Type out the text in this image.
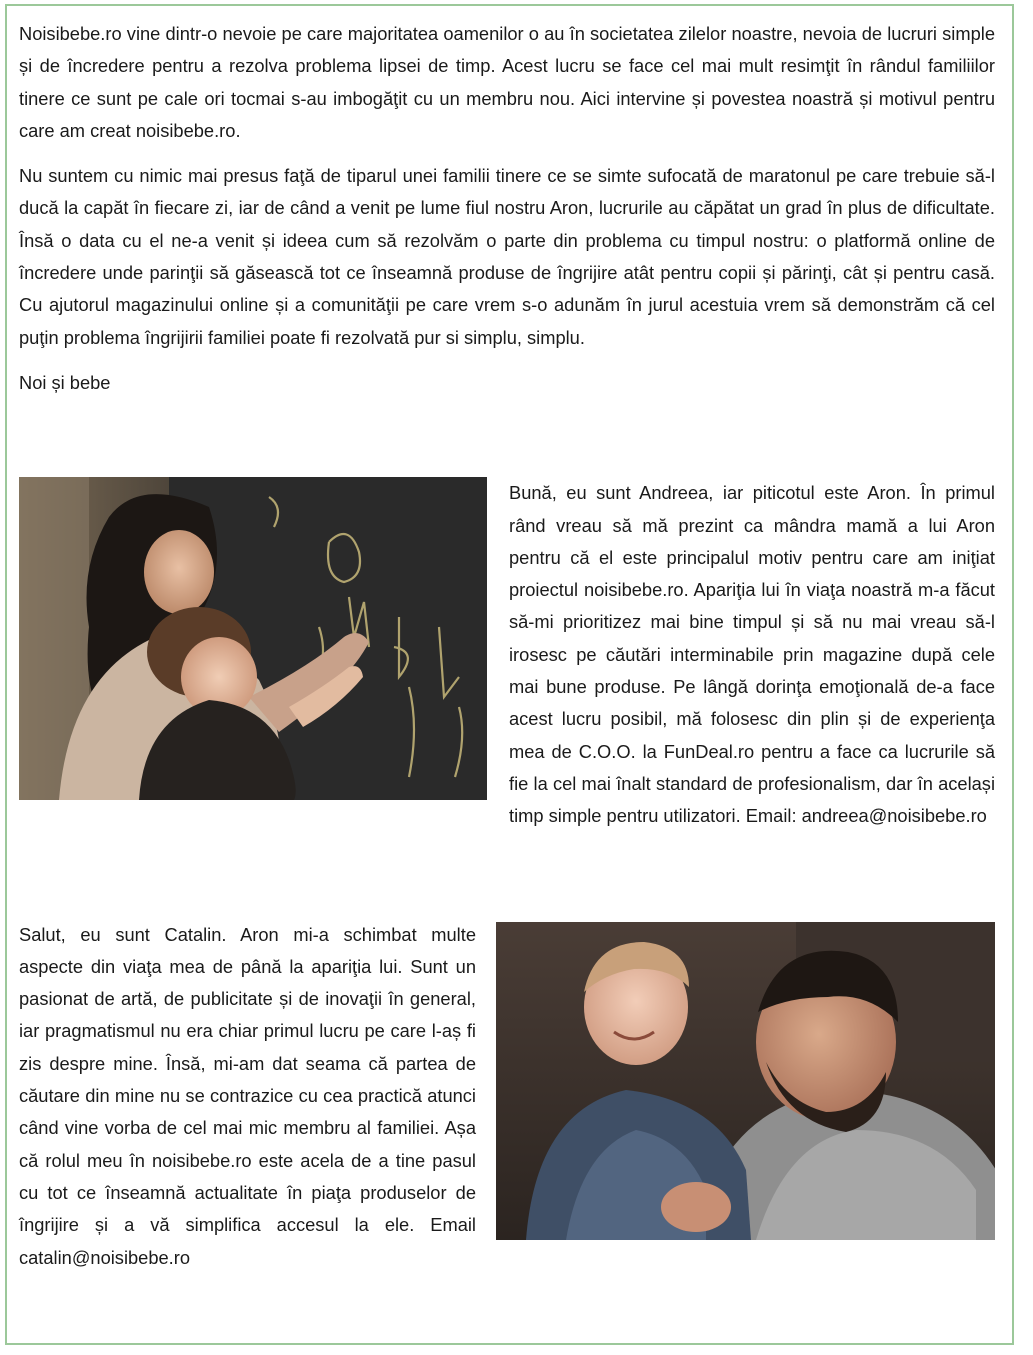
Noisibebe.ro vine dintr-o nevoie pe care majoritatea oamenilor o au în societatea zilelor noastre, nevoia de lucruri simple și de încredere pentru a rezolva problema lipsei de timp. Acest lucru se face cel mai mult resimţit în rândul familiilor tinere ce sunt pe cale ori tocmai s-au imbogăţit cu un membru nou. Aici intervine și povestea noastră și motivul pentru care am creat noisibebe.ro.

Nu suntem cu nimic mai presus faţă de tiparul unei familii tinere ce se simte sufocată de maratonul pe care trebuie să-l ducă la capăt în fiecare zi, iar de când a venit pe lume fiul nostru Aron, lucrurile au căpătat un grad în plus de dificultate. Însă o data cu el ne-a venit și ideea cum să rezolvăm o parte din problema cu timpul nostru: o platformă online de încredere unde parinţii să găsească tot ce înseamnă produse de îngrijire atât pentru copii și părinţi, cât și pentru casă. Cu ajutorul magazinului online și a comunităţii pe care vrem s-o adunăm în jurul acestuia vrem să demonstrăm că cel puţin problema îngrijirii familiei poate fi rezolvată pur si simplu, simplu.

Noi și bebe

Bună, eu sunt Andreea, iar piticotul este Aron. În primul rând vreau să mă prezint ca mândra mamă a lui Aron pentru că el este principalul motiv pentru care am iniţiat proiectul noisibebe.ro. Apariţia lui în viaţa noastră m-a făcut să-mi prioritizez mai bine timpul și să nu mai vreau să-l irosesc pe căutări interminabile prin magazine după cele mai bune produse. Pe lângă dorinţa emoţională de-a face acest lucru posibil, mă folosesc din plin și de experienţa mea de C.O.O. la FunDeal.ro pentru a face ca lucrurile să fie la cel mai înalt standard de profesionalism, dar în același timp simple pentru utilizatori. Email: andreea@noisibebe.ro

Salut, eu sunt Catalin. Aron mi-a schimbat multe aspecte din viaţa mea de până la apariţia lui. Sunt un pasionat de artă, de publicitate și de inovaţii în general, iar pragmatismul nu era chiar primul lucru pe care l-aș fi zis despre mine. Însă, mi-am dat seama că partea de căutare din mine nu se contrazice cu cea practică atunci când vine vorba de cel mai mic membru al familiei. Așa că rolul meu în noisibebe.ro este acela de a tine pasul cu tot ce înseamnă actualitate în piaţa produselor de îngrijire și a vă simplifica accesul la ele. Email catalin@noisibebe.ro
